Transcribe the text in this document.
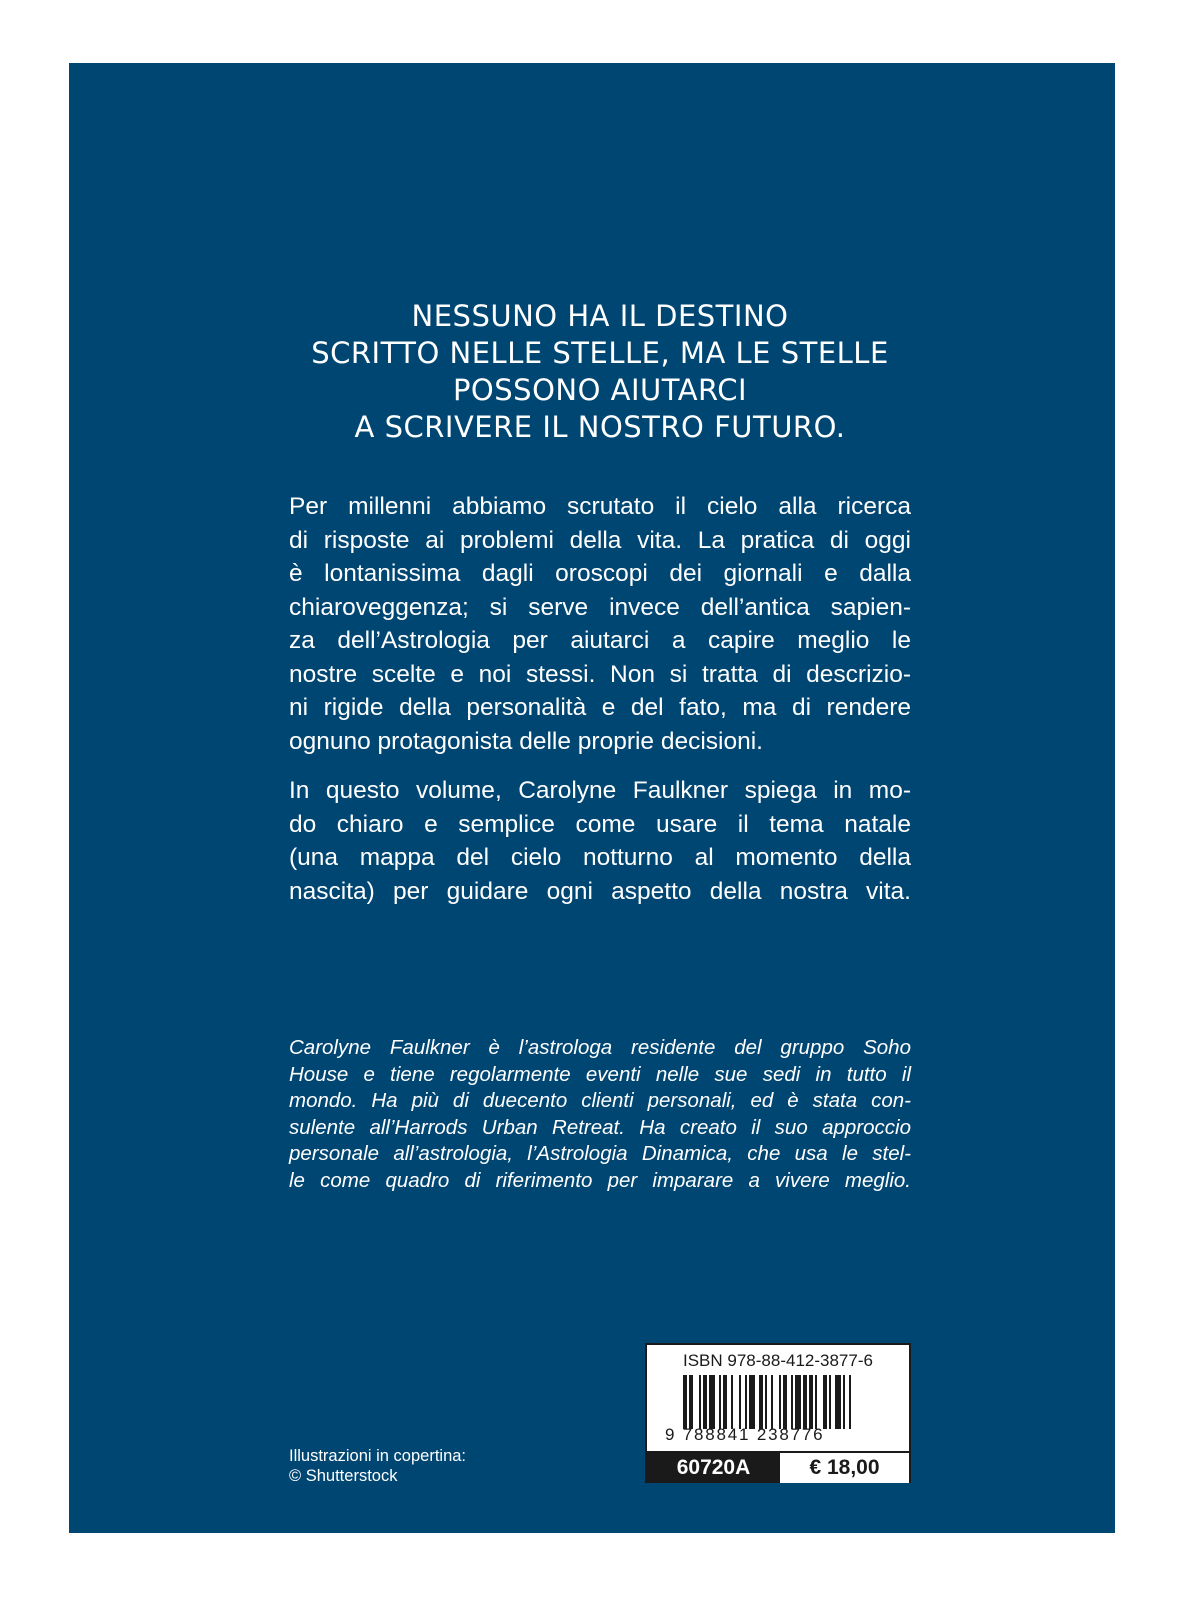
NESSUNO HA IL DESTINO
SCRITTO NELLE STELLE, MA LE STELLE
POSSONO AIUTARCI
A SCRIVERE IL NOSTRO FUTURO.
Per millenni abbiamo scrutato il cielo alla ricerca
di risposte ai problemi della vita. La pratica di oggi
è lontanissima dagli oroscopi dei giornali e dalla
chiaroveggenza; si serve invece dell’antica sapien-
za dell’Astrologia per aiutarci a capire meglio le
nostre scelte e noi stessi. Non si tratta di descrizio-
ni rigide della personalità e del fato, ma di rendere
ognuno protagonista delle proprie decisioni.
In questo volume, Carolyne Faulkner spiega in mo-
do chiaro e semplice come usare il tema natale
(una mappa del cielo notturno al momento della
nascita) per guidare ogni aspetto della nostra vita.
Carolyne Faulkner è l’astrologa residente del gruppo Soho
House e tiene regolarmente eventi nelle sue sedi in tutto il
mondo. Ha più di duecento clienti personali, ed è stata con-
sulente all’Harrods Urban Retreat. Ha creato il suo approccio
personale all’astrologia, l’Astrologia Dinamica, che usa le stel-
le come quadro di riferimento per imparare a vivere meglio.
Illustrazioni in copertina:
© Shutterstock
ISBN 978-88-412-3877-6
9 788841 238776
60720A	€ 18,00
